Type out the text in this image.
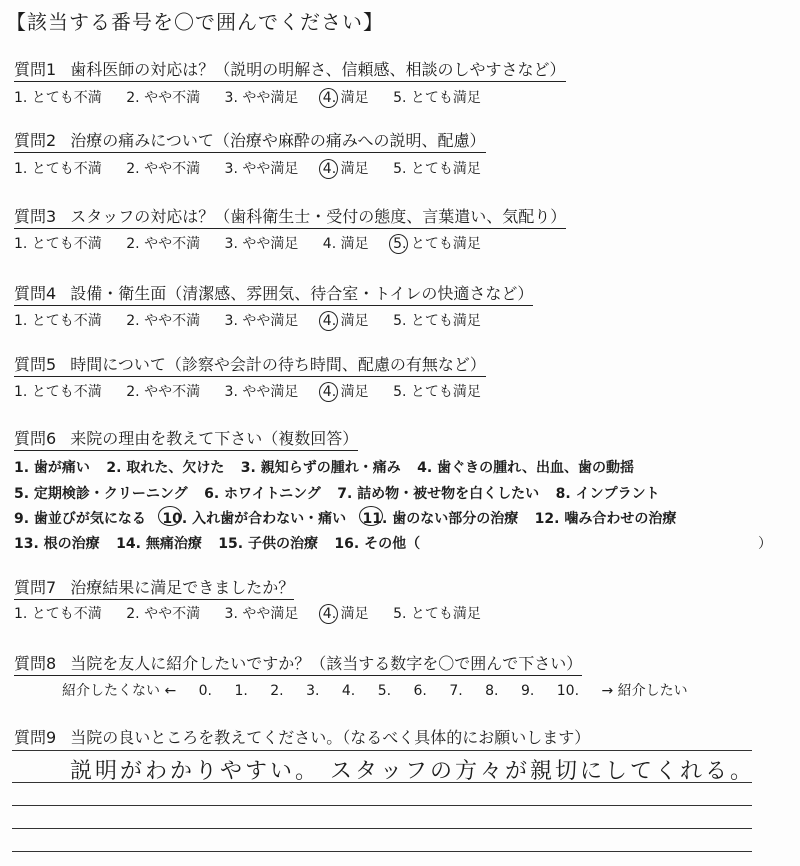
【該当する番号を〇で囲んでください】
質問1 歯科医師の対応は？（説明の明解さ、信頼感、相談のしやすさなど）
1. とても不満 2. やや不満 3. やや満足 4. 満足 5. とても満足
質問2 治療の痛みについて（治療や麻酔の痛みへの説明、配慮）
1. とても不満 2. やや不満 3. やや満足 4. 満足 5. とても満足
質問3 スタッフの対応は？（歯科衛生士・受付の態度、言葉遣い、気配り）
1. とても不満 2. やや不満 3. やや満足 4. 満足 5. とても満足
質問4 設備・衛生面（清潔感、雰囲気、待合室・トイレの快適さなど）
1. とても不満 2. やや不満 3. やや満足 4. 満足 5. とても満足
質問5 時間について（診察や会計の待ち時間、配慮の有無など）
1. とても不満 2. やや不満 3. やや満足 4. 満足 5. とても満足
質問6 来院の理由を教えて下さい（複数回答）
1. 歯が痛い 2. 取れた、欠けた 3. 親知らずの腫れ・痛み 4. 歯ぐきの腫れ、出血、歯の動揺
5. 定期検診・クリーニング 6. ホワイトニング 7. 詰め物・被せ物を白くしたい 8. インプラント
9. 歯並びが気になる 10. 入れ歯が合わない・痛い 11. 歯のない部分の治療 12. 噛み合わせの治療
13. 根の治療 14. 無痛治療 15. 子供の治療 16. その他（	）
質問7 治療結果に満足できましたか？
1. とても不満 2. やや不満 3. やや満足 4. 満足 5. とても満足
質問8 当院を友人に紹介したいですか？（該当する数字を〇で囲んで下さい）
紹介したくない ← 0. 1. 2. 3. 4. 5. 6. 7. 8. 9. 10. → 紹介したい
質問9 当院の良いところを教えてください。（なるべく具体的にお願いします）
説明がわかりやすい。 スタッフの方々が親切にしてくれる。
